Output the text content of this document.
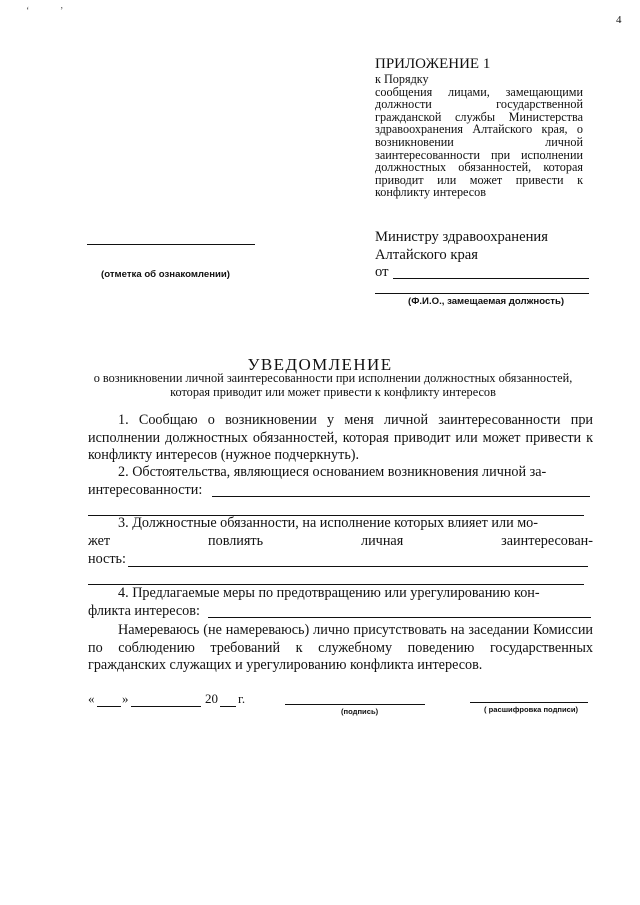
‘	’
4
ПРИЛОЖЕНИЕ 1
к Порядку
сообщения лицами, замещающими должности государственной гражданской службы Министерства здравоохранения Алтайского края, о возникновении личной заинтересованности при исполнении должностных обязанностей, которая приводит или может привести к конфликту интересов
(отметка об ознакомлении)
Министру здравоохранения
Алтайского края
от
(Ф.И.О., замещаемая должность)
УВЕДОМЛЕНИЕ
о возникновении личной заинтересованности при исполнении должностных обязанностей, которая приводит или может привести к конфликту интересов
1. Сообщаю о возникновении у меня личной заинтересованности при исполнении должностных обязанностей, которая приводит или может привести к конфликту интересов (нужное подчеркнуть).
2. Обстоятельства, являющиеся основанием возникновения личной за-
интересованности:
3. Должностные обязанности, на исполнение которых влияет или мо-
жет повлиять личная заинтересован-
ность:
4. Предлагаемые меры по предотвращению или урегулированию кон-
фликта интересов:
Намереваюсь (не намереваюсь) лично присутствовать на заседании Комиссии по соблюдению требований к служебному поведению государственных гражданских служащих и урегулированию конфликта интересов.
« »	20 г.
(подпись)	( расшифровка подписи)
